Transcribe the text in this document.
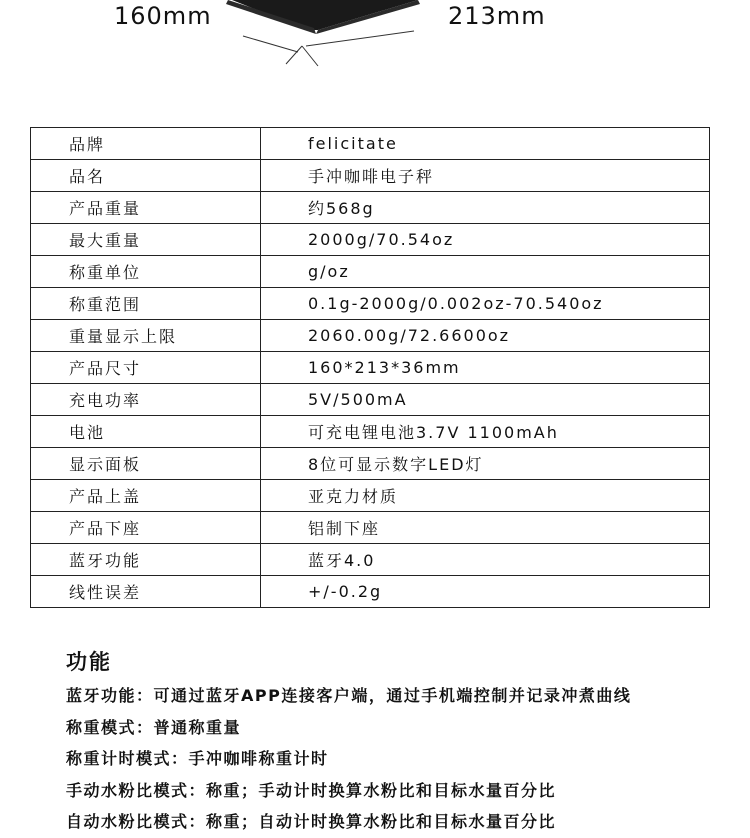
160mm	213mm
品牌	felicitate
品名	手冲咖啡电子秤
产品重量	约568g
最大重量	2000g/70.54oz
称重单位	g/oz
称重范围	0.1g-2000g/0.002oz-70.540oz
重量显示上限	2060.00g/72.6600oz
产品尺寸	160*213*36mm
充电功率	5V/500mA
电池	可充电锂电池3.7V 1100mAh
显示面板	8位可显示数字LED灯
产品上盖	亚克力材质
产品下座	铝制下座
蓝牙功能	蓝牙4.0
线性误差	+/-0.2g
功能
蓝牙功能：可通过蓝牙APP连接客户端，通过手机端控制并记录冲煮曲线
称重模式：普通称重量
称重计时模式：手冲咖啡称重计时
手动水粉比模式：称重；手动计时换算水粉比和目标水量百分比
自动水粉比模式：称重；自动计时换算水粉比和目标水量百分比
